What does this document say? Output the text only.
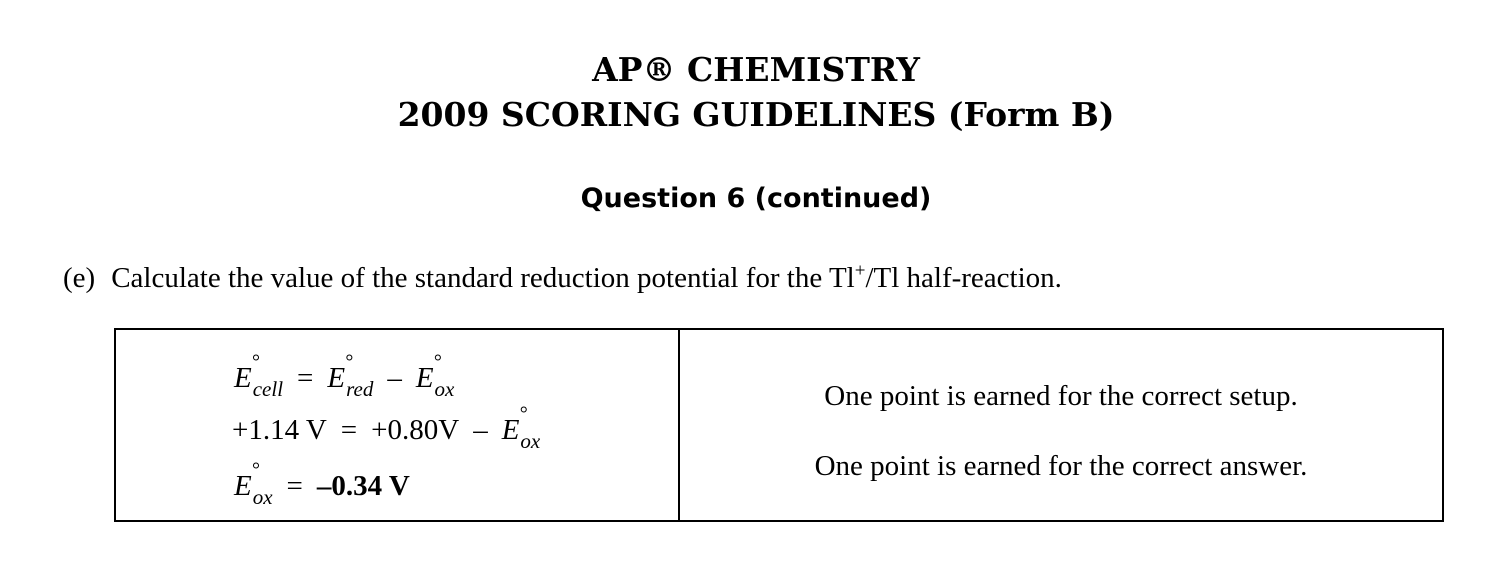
AP® CHEMISTRY
2009 SCORING GUIDELINES (Form B)
Question 6 (continued)
(e) Calculate the value of the standard reduction potential for the Tl+/Tl half-reaction.
E °
$_{cell}$ = E °
$_{red}$ – E °
$_{ox}$
+1.14 V = +0.80V – E °
$_{ox}$
E °
$_{ox}$ = –0.34 V
One point is earned for the correct setup.
One point is earned for the correct answer.
